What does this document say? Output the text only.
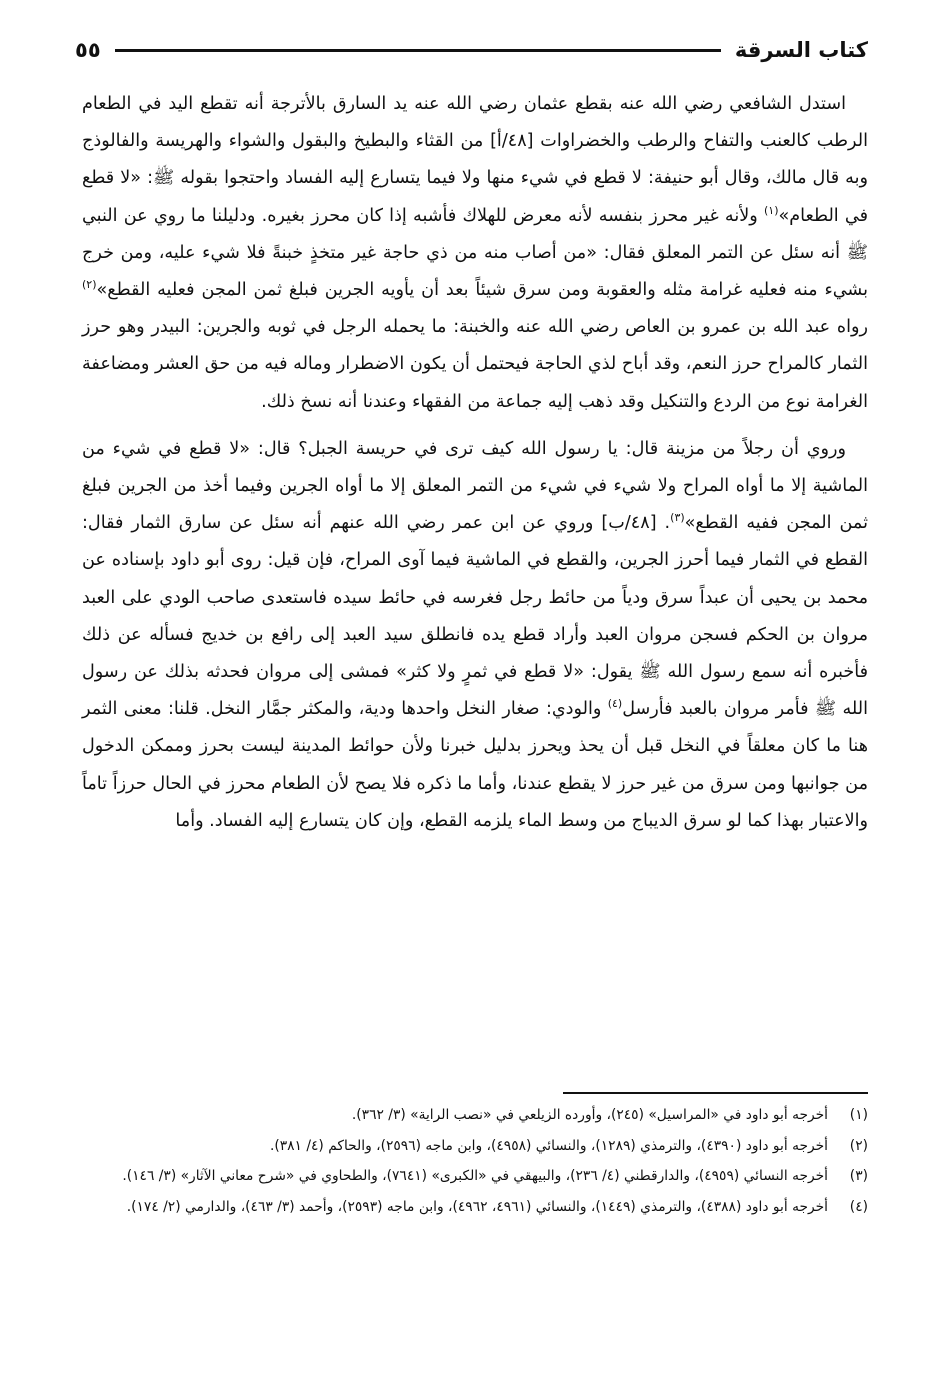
كتاب السرقة
٥٥

استدل الشافعي رضي الله عنه بقطع عثمان رضي الله عنه يد السارق بالأترجة أنه تقطع اليد في الطعام الرطب كالعنب والتفاح والرطب والخضراوات [٤٨/أ] من القثاء والبطيخ والبقول والشواء والهريسة والفالوذج وبه قال مالك، وقال أبو حنيفة: لا قطع في شيء منها ولا فيما يتسارع إليه الفساد واحتجوا بقوله ﷺ: «لا قطع في الطعام»$^{(١)}$ ولأنه غير محرز بنفسه لأنه معرض للهلاك فأشبه إذا كان محرز بغيره. ودليلنا ما روي عن النبي ﷺ أنه سئل عن التمر المعلق فقال: «من أصاب منه من ذي حاجة غير متخذٍ خبنةً فلا شيء عليه، ومن خرج بشيء منه فعليه غرامة مثله والعقوبة ومن سرق شيئاً بعد أن يأويه الجرين فبلغ ثمن المجن فعليه القطع»$^{(٢)}$ رواه عبد الله بن عمرو بن العاص رضي الله عنه والخبنة: ما يحمله الرجل في ثوبه والجرين: البيدر وهو حرز الثمار كالمراح حرز النعم، وقد أباح لذي الحاجة فيحتمل أن يكون الاضطرار وماله فيه من حق العشر ومضاعفة الغرامة نوع من الردع والتنكيل وقد ذهب إليه جماعة من الفقهاء وعندنا أنه نسخ ذلك.

وروي أن رجلاً من مزينة قال: يا رسول الله كيف ترى في حريسة الجبل؟ قال: «لا قطع في شيء من الماشية إلا ما أواه المراح ولا شيء في شيء من التمر المعلق إلا ما أواه الجرين وفيما أخذ من الجرين فبلغ ثمن المجن ففيه القطع»$^{(٣)}$. [٤٨/ب] وروي عن ابن عمر رضي الله عنهم أنه سئل عن سارق الثمار فقال: القطع في الثمار فيما أحرز الجرين، والقطع في الماشية فيما آوى المراح، فإن قيل: روى أبو داود بإسناده عن محمد بن يحيى أن عبداً سرق ودياً من حائط رجل فغرسه في حائط سيده فاستعدى صاحب الودي على العبد مروان بن الحكم فسجن مروان العبد وأراد قطع يده فانطلق سيد العبد إلى رافع بن خديج فسأله عن ذلك فأخبره أنه سمع رسول الله ﷺ يقول: «لا قطع في ثمرٍ ولا كثر» فمشى إلى مروان فحدثه بذلك عن رسول الله ﷺ فأمر مروان بالعبد فأرسل$^{(٤)}$ والودي: صغار النخل واحدها ودية، والمكثر جمَّار النخل. قلنا: معنى الثمر هنا ما كان معلقاً في النخل قبل أن يحذ ويحرز بدليل خبرنا ولأن حوائط المدينة ليست بحرز وممكن الدخول من جوانبها ومن سرق من غير حرز لا يقطع عندنا، وأما ما ذكره فلا يصح لأن الطعام محرز في الحال حرزاً تاماً والاعتبار بهذا كما لو سرق الديباج من وسط الماء يلزمه القطع، وإن كان يتسارع إليه الفساد. وأما

(١)
أخرجه أبو داود في «المراسيل» (٢٤٥)، وأورده الزيلعي في «نصب الراية» (٣/ ٣٦٢).
(٢)
أخرجه أبو داود (٤٣٩٠)، والترمذي (١٢٨٩)، والنسائي (٤٩٥٨)، وابن ماجه (٢٥٩٦)، والحاكم (٤/ ٣٨١).
(٣)
أخرجه النسائي (٤٩٥٩)، والدارقطني (٤/ ٢٣٦)، والبيهقي في «الكبرى» (٧٦٤١)، والطحاوي في «شرح معاني الآثار» (٣/ ١٤٦).
(٤)
أخرجه أبو داود (٤٣٨٨)، والترمذي (١٤٤٩)، والنسائي (٤٩٦١، ٤٩٦٢)، وابن ماجه (٢٥٩٣)، وأحمد (٣/ ٤٦٣)، والدارمي (٢/ ١٧٤).
